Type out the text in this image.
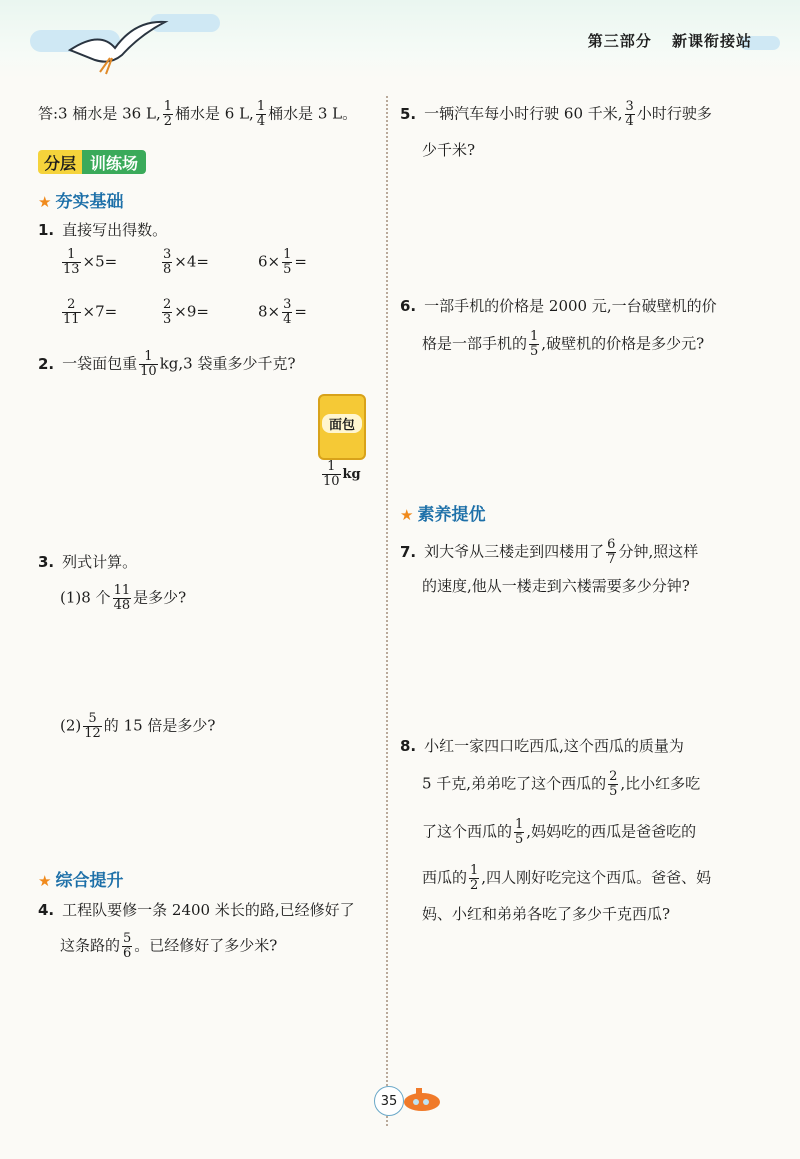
第三部分 新课衔接站
答:3 桶水是 36 L, $\frac{1}{2}$ 桶水是 6 L, $\frac{1}{4}$ 桶水是 3 L。
分层 训练场
★ 夯实基础
1. 直接写出得数。
$\frac{1}{13} \times 5=$	$\frac{3}{8} \times 4=$	$6\times \frac{1}{5}$ =
$\frac{2}{11} \times 7=$	$\frac{2}{3} \times 9=$	$8\times \frac{3}{4}$ =
2. 一袋面包重 $\frac{1}{10} kg,3$ 袋重多少千克?
面包
$\frac{1}{10}$ kg
3. 列式计算。
(1)8 个 $\frac{11}{48}$ 是多少?
$(2) \frac{5}{12}$ 的 15 倍是多少?
★ 综合提升
4. 工程队要修一条 2400 米长的路,已经修好了
这条路的 $\frac{5}{6}$ 。已经修好了多少米?
5. 一辆汽车每小时行驶 60 千米, $\frac{3}{4}$ 小时行驶多
少千米?
6. 一部手机的价格是 2000 元,一台破壁机的价
格是一部手机的 $\frac{1}{5}$ ,破壁机的价格是多少元?
★ 素养提优
7. 刘大爷从三楼走到四楼用了 $\frac{6}{7}$ 分钟,照这样
的速度,他从一楼走到六楼需要多少分钟?
8. 小红一家四口吃西瓜,这个西瓜的质量为
5 千克,弟弟吃了这个西瓜的 $\frac{2}{5}$ ,比小红多吃
了这个西瓜的 $\frac{1}{5}$ ,妈妈吃的西瓜是爸爸吃的
西瓜的 $\frac{1}{2}$ ,四人刚好吃完这个西瓜。爸爸、妈
妈、小红和弟弟各吃了多少千克西瓜?
35
